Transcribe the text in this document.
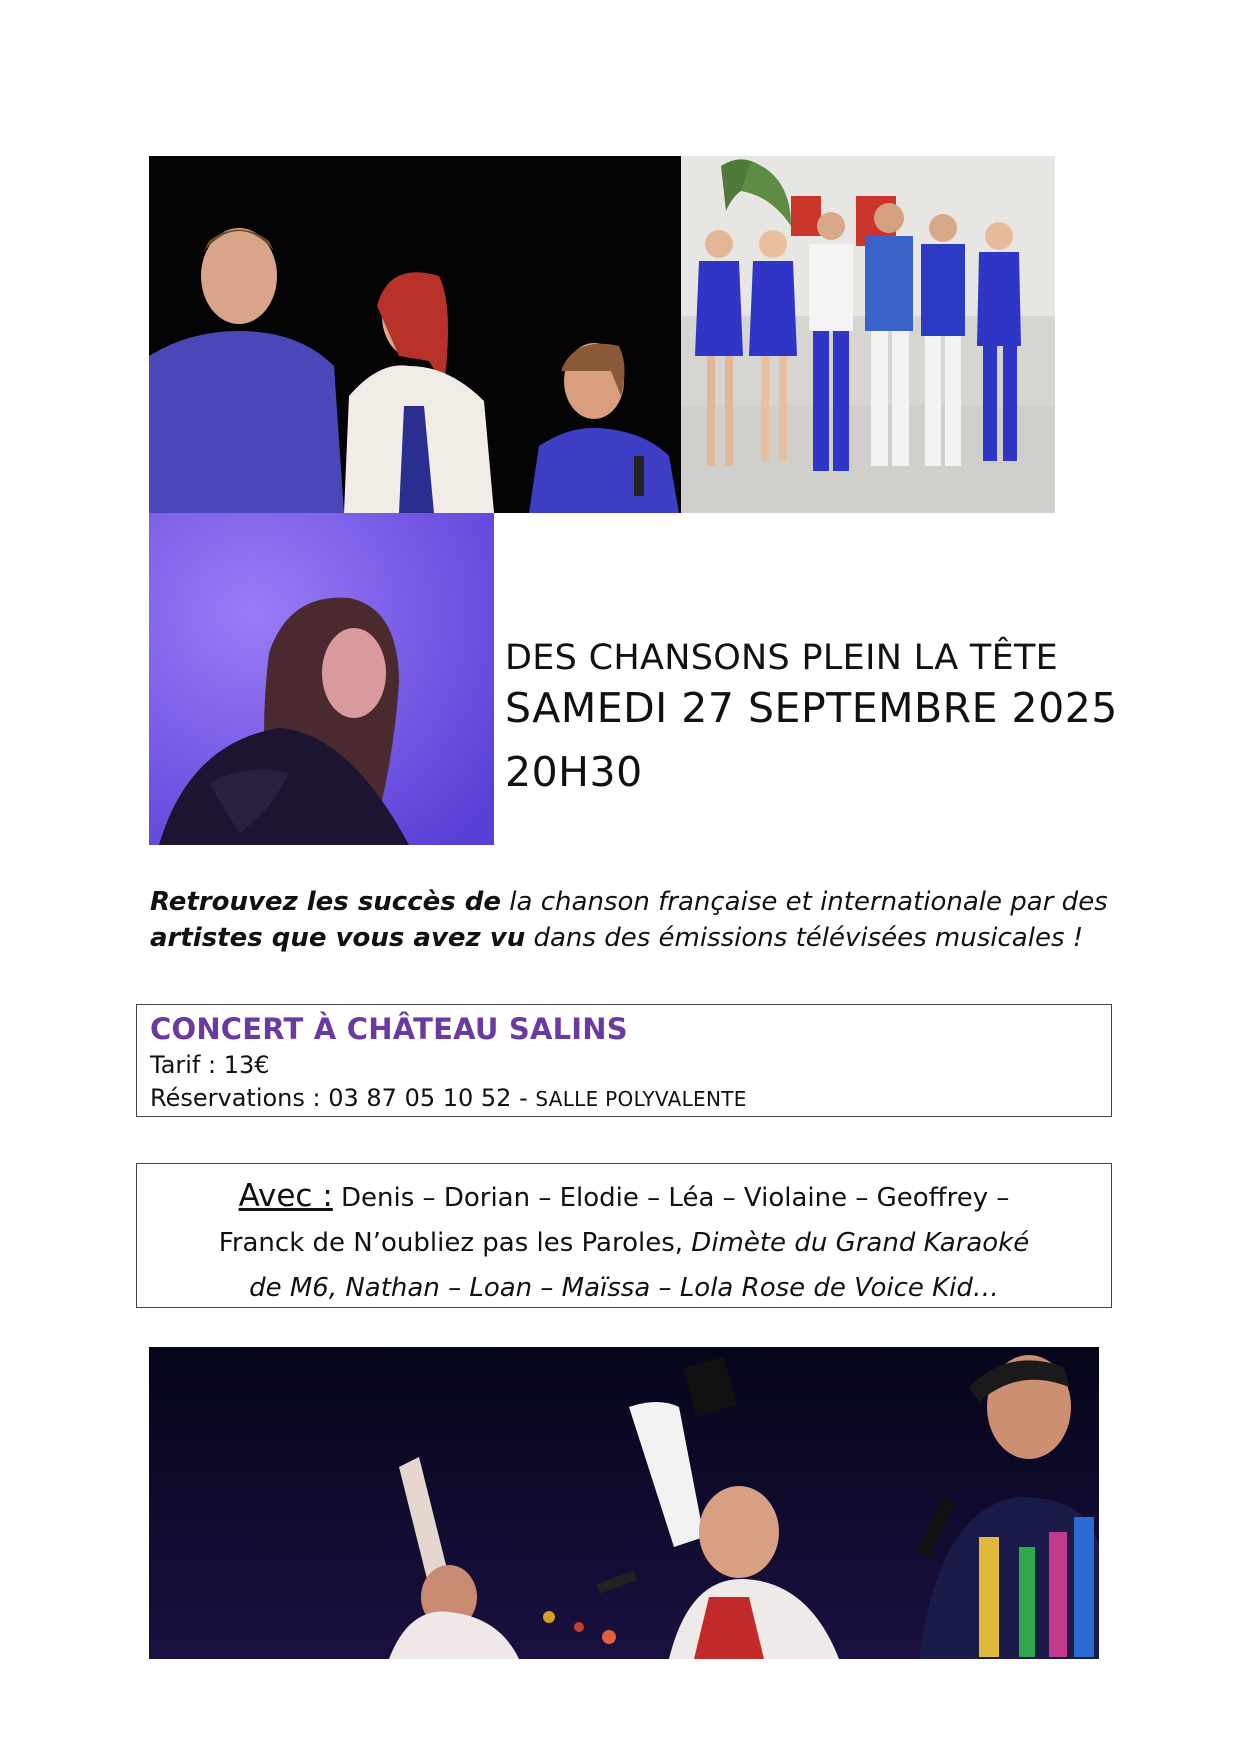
DES CHANSONS PLEIN LA TÊTE
SAMEDI 27 SEPTEMBRE 2025
20H30
Retrouvez les succès de la chanson française et internationale par des
artistes que vous avez vu dans des émissions télévisées musicales !
CONCERT À CHÂTEAU SALINS
Tarif : 13€
Réservations : 03 87 05 10 52 - SALLE POLYVALENTE
Avec : Denis – Dorian – Elodie – Léa – Violaine – Geoffrey –
Franck de N’oubliez pas les Paroles, Dimète du Grand Karaoké
de M6, Nathan – Loan – Maïssa – Lola Rose de Voice Kid…
